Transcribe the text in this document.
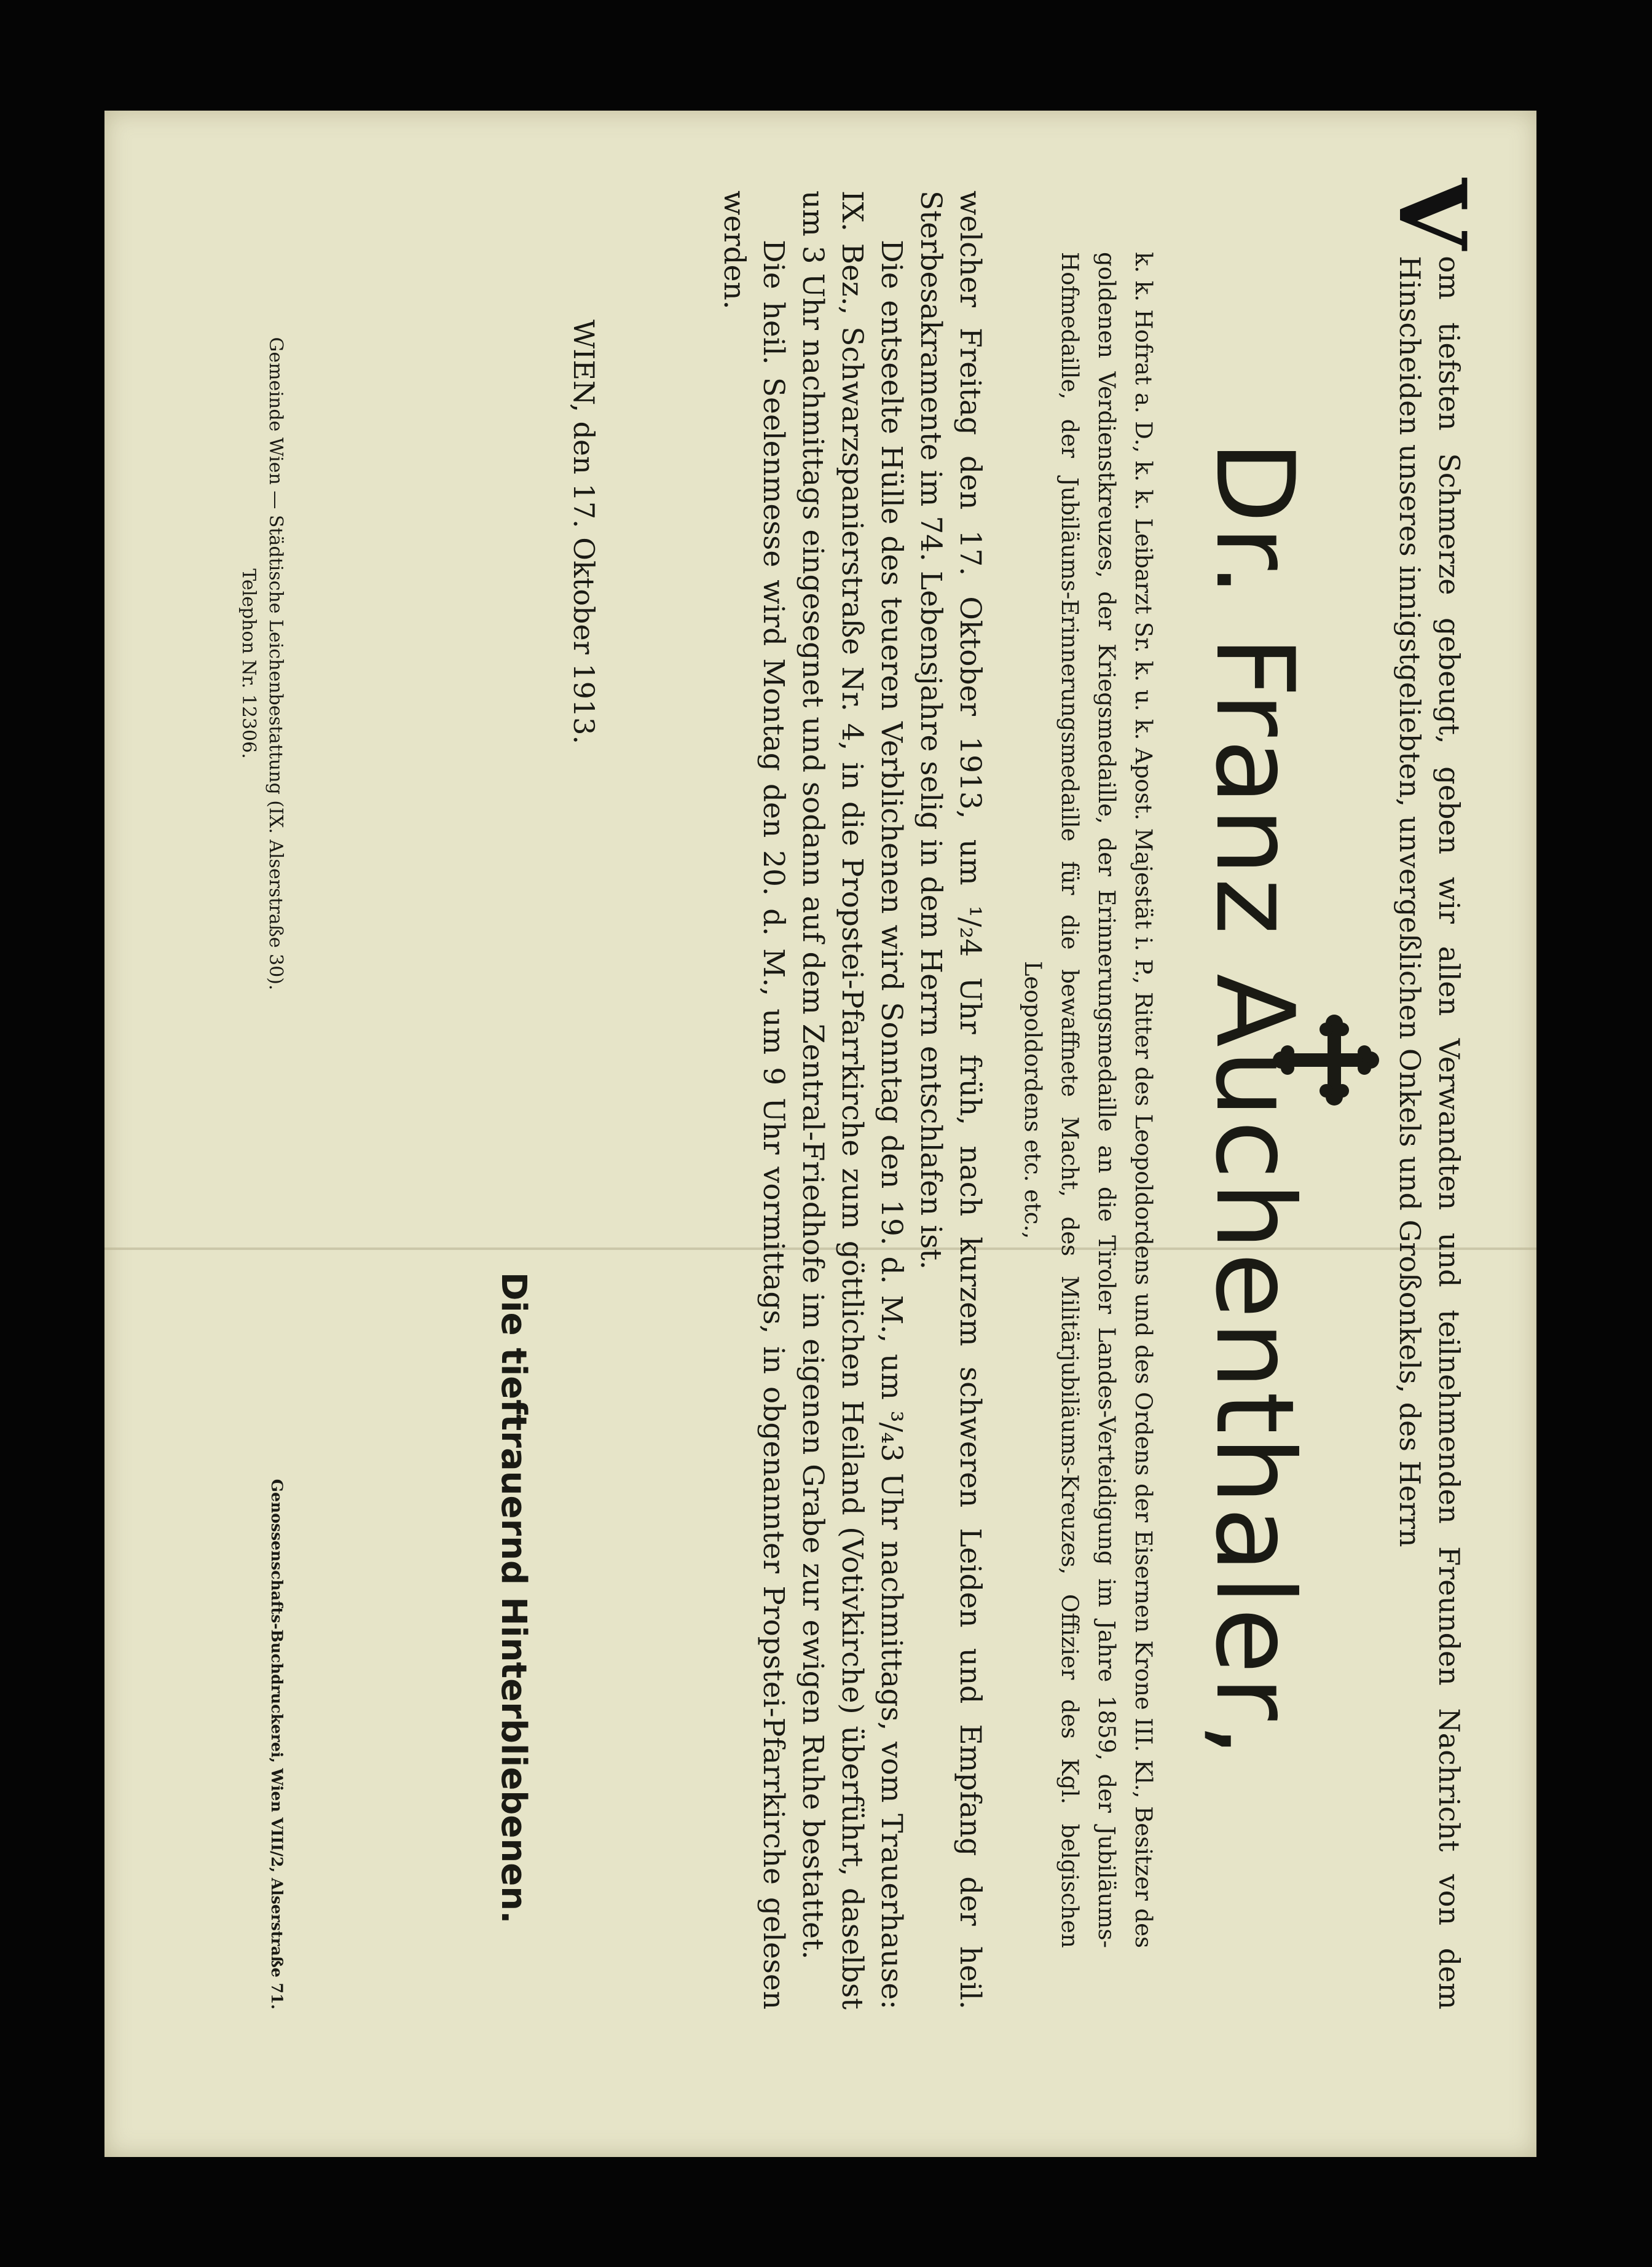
V
om tiefsten Schmerze gebeugt, geben wir allen Verwandten und teilnehmenden Freunden Nachricht von dem Hinscheiden unseres innigstgeliebten, unvergeßlichen Onkels und Großonkels, des Herrn
Dr. Franz Auchenthaler,
k. k. Hofrat a. D., k. k. Leibarzt Sr. k. u. k. Apost. Majestät i. P., Ritter des Leopoldordens und des Ordens der Eisernen Krone III. Kl., Besitzer des goldenen Verdienstkreuzes, der Kriegsmedaille, der Erinnerungsmedaille an die Tiroler Landes-Verteidigung im Jahre 1859, der Jubiläums-Hofmedaille, der Jubiläums-Erinnerungsmedaille für die bewaffnete Macht, des Militärjubiläums-Kreuzes, Offizier des Kgl. belgischen Leopoldordens etc. etc.,

welcher Freitag den 17. Oktober 1913, um ¹/₂4 Uhr früh, nach kurzem schweren Leiden und Empfang der heil. Sterbesakramente im 74. Lebensjahre selig in dem Herrn entschlafen ist.

Die entseelte Hülle des teueren Verblichenen wird Sonntag den 19. d. M., um ³/₄3 Uhr nachmittags, vom Trauerhause: IX. Bez., Schwarzspanierstraße Nr. 4, in die Propstei-Pfarrkirche zum göttlichen Heiland (Votivkirche) überführt, daselbst um 3 Uhr nachmittags eingesegnet und sodann auf dem Zentral-Friedhofe im eigenen Grabe zur ewigen Ruhe bestattet.

Die heil. Seelenmesse wird Montag den 20. d. M., um 9 Uhr vormittags, in obgenannter Propstei-Pfarrkirche gelesen werden.

WIEN, den 17. Oktober 1913.
Die tieftrauernd Hinterbliebenen.
Gemeinde Wien — Städtische Leichenbestattung (IX. Alserstraße 30).
Telephon Nr. 12306.
Genossenschafts-Buchdruckerei, Wien VIII/2, Alserstraße 71.
